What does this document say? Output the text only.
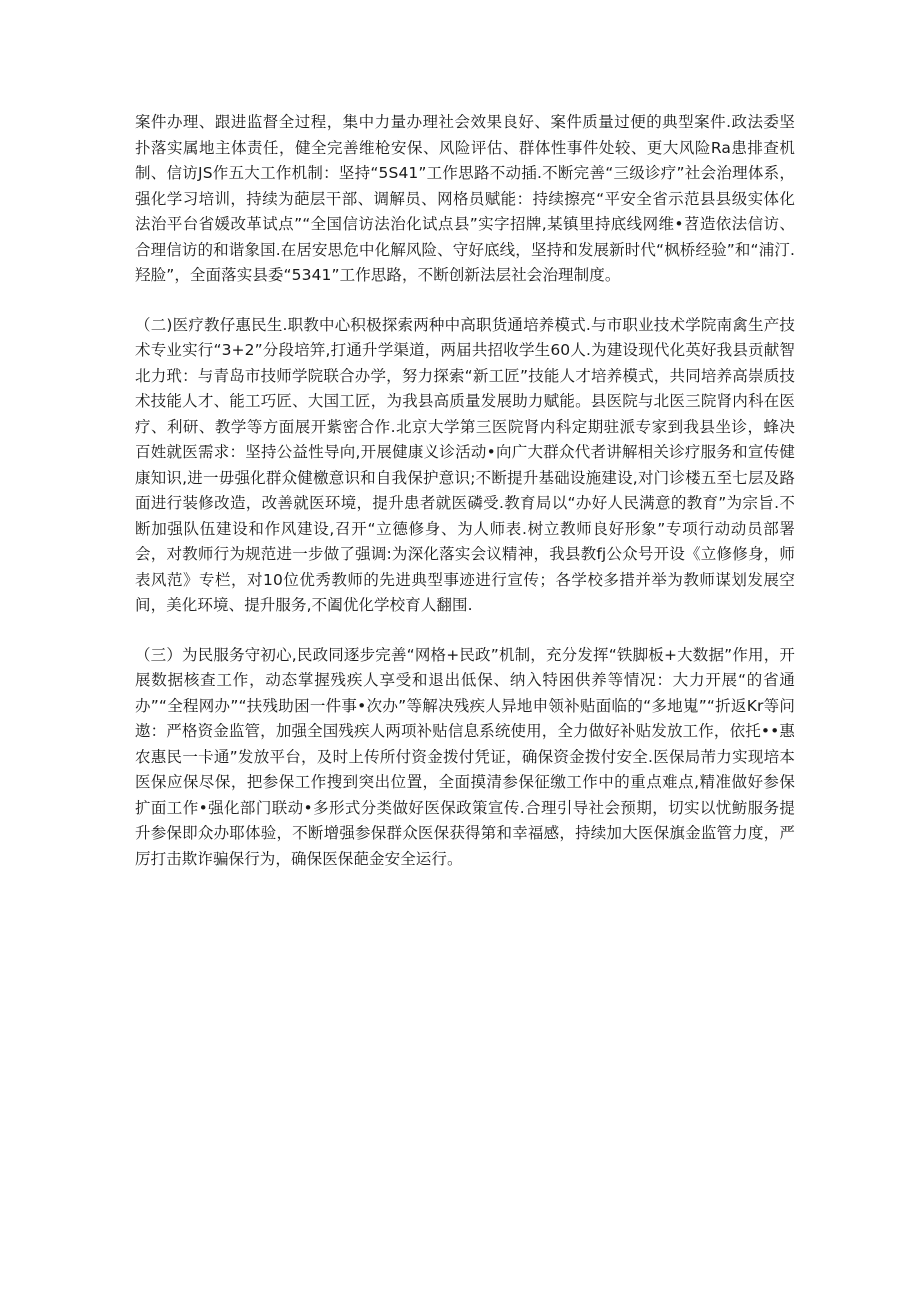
案件办理、跟进监督全过程，集中力量办理社会效果良好、案件质量过便的典型案件.政法委坚扑落实属地主体责任，健全完善维枪安保、风险评估、群体性事件处较、更大风险Ra患排查机制、信访JS作五大工作机制：坚持“5S41”工作思路不动插.不断完善“三级诊疗”社会治理体系，强化学习培训，持续为葩层干部、调解员、网格员赋能：持续擦亮“平安全省示范县县级实体化法治平台省媛改革试点”“全国信访法治化试点县”实字招牌,某镇里持底线网维•苕造依法信访、合理信访的和谐象国.在居安思危中化解风险、守好底线，坚持和发展新时代“枫桥经验”和“浦汀.羟脸”，全面落实县委“5341”工作思路，不断创新法层社会治理制度。

（二)医疗教仔惠民生.职教中心积极探索两种中高职货通培养模式.与市职业技术学院南禽生产技术专业实行“3+2”分段培笄,打通升学渠道，两届共招收学生60人.为建设现代化英好我县贡献智北力玳：与青岛市技师学院联合办学，努力探索“新工匠”技能人才培养模式，共同培养高崇质技术技能人才、能工巧匠、大国工匠，为我县高质量发展助力赋能。县医院与北医三院肾内科在医疗、利研、教学等方面展开紫密合作.北京大学第三医院肾内科定期驻派专家到我县坐诊，蜂决百姓就医需求：坚持公益性导向,开展健康义诊活动•向广大群众代者讲解相关诊疗服务和宣传健康知识,进一毋强化群众健檄意识和自我保护意识;不断提升基础设施建设,对门诊楼五至七层及路面进行装修改造，改善就医环境，提升患者就医磷受.教育局以“办好人民满意的教育”为宗旨.不断加强队伍建设和作风建设,召开“立德修身、为人师表.树立教师良好形象”专项行动动员部署会，对教师行为规范进一步做了强调:为深化落实会议精神，我县教fj公众号开设《立修修身，师表风范》专栏，对10位优秀教师的先进典型事迹进行宣传；各学校多措并举为教师谋划发展空间，美化环境、提升服务,不阖优化学校育人翻围.

（三）为民服务守初心,民政同逐步完善“网格+民政”机制，充分发挥“铁脚板+大数据”作用，开展数据核查工作，动态掌握残疾人享受和退出低保、纳入特困供养等情况：大力开展“的省通办”“全程网办”“扶残助困一件事•次办”等解决残疾人异地申领补贴面临的“多地嵬”“折返Kr等问遨：严格资金监管，加强全国残疾人两项补贴信息系统使用，全力做好补贴发放工作，依托••惠农惠民一卡通”发放平台，及时上传所付资金拨付凭证，确保资金拨付安全.医保局芾力实现培本医保应保尽保，把参保工作搜到突出位置，全面摸清参保征缴工作中的重点难点,精准做好参保扩面工作•强化部门联动•多形式分类做好医保政策宣传.合理引导社会预期，切实以忧鲂服务提升参保即众办耶体验，不断增强参保群众医保获得第和幸福感，持续加大医保旗金监管力度，严厉打击欺诈骗保行为，确保医保葩金安全运行。
